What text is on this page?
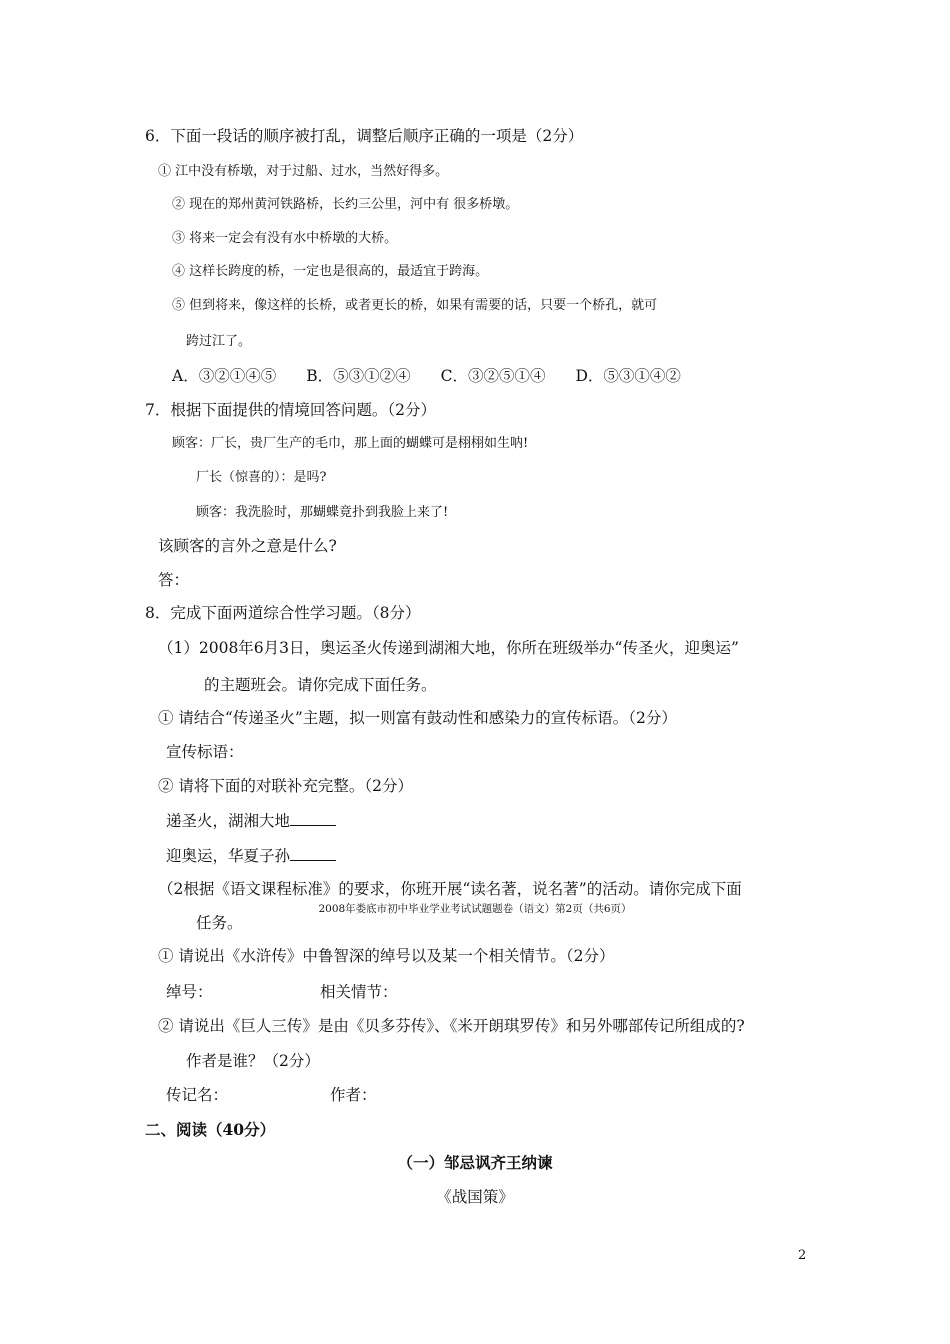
6．下面一段话的顺序被打乱，调整后顺序正确的一项是（2分）
① 江中没有桥墩，对于过船、过水，当然好得多。
② 现在的郑州黄河铁路桥，长约三公里，河中有 很多桥墩。
③ 将来一定会有没有水中桥墩的大桥。
④ 这样长跨度的桥，一定也是很高的，最适宜于跨海。
⑤ 但到将来，像这样的长桥，或者更长的桥，如果有需要的话，只要一个桥孔，就可
跨过江了。
A．③②①④⑤ B．⑤③①②④ C．③②⑤①④ D．⑤③①④②
7．根据下面提供的情境回答问题。（2分）
顾客：厂长，贵厂生产的毛巾，那上面的蝴蝶可是栩栩如生呐!
厂长（惊喜的）：是吗?
顾客：我洗脸时，那蝴蝶竟扑到我脸上来了!
该顾客的言外之意是什么?
答：
8．完成下面两道综合性学习题。（8分）
（1）2008年6月3日，奥运圣火传递到湖湘大地，你所在班级举办“传圣火，迎奥运”
的主题班会。请你完成下面任务。
① 请结合“传递圣火”主题，拟一则富有鼓动性和感染力的宣传标语。（2分）
宣传标语：
② 请将下面的对联补充完整。（2分）
递圣火，湖湘大地
迎奥运，华夏子孙
（2根据《语文课程标准》的要求，你班开展“读名著，说名著”的活动。请你完成下面
2008年娄底市初中毕业学业考试试题题卷（语文）第2页（共6页）
任务。
① 请说出《水浒传》中鲁智深的绰号以及某一个相关情节。（2分）
绰号：	相关情节：
② 请说出《巨人三传》是由《贝多芬传》、《米开朗琪罗传》和另外哪部传记所组成的?
作者是谁？（2分）
传记名：	作者：
二、阅读（40分）
（一）邹忌讽齐王纳谏
《战国策》
2
